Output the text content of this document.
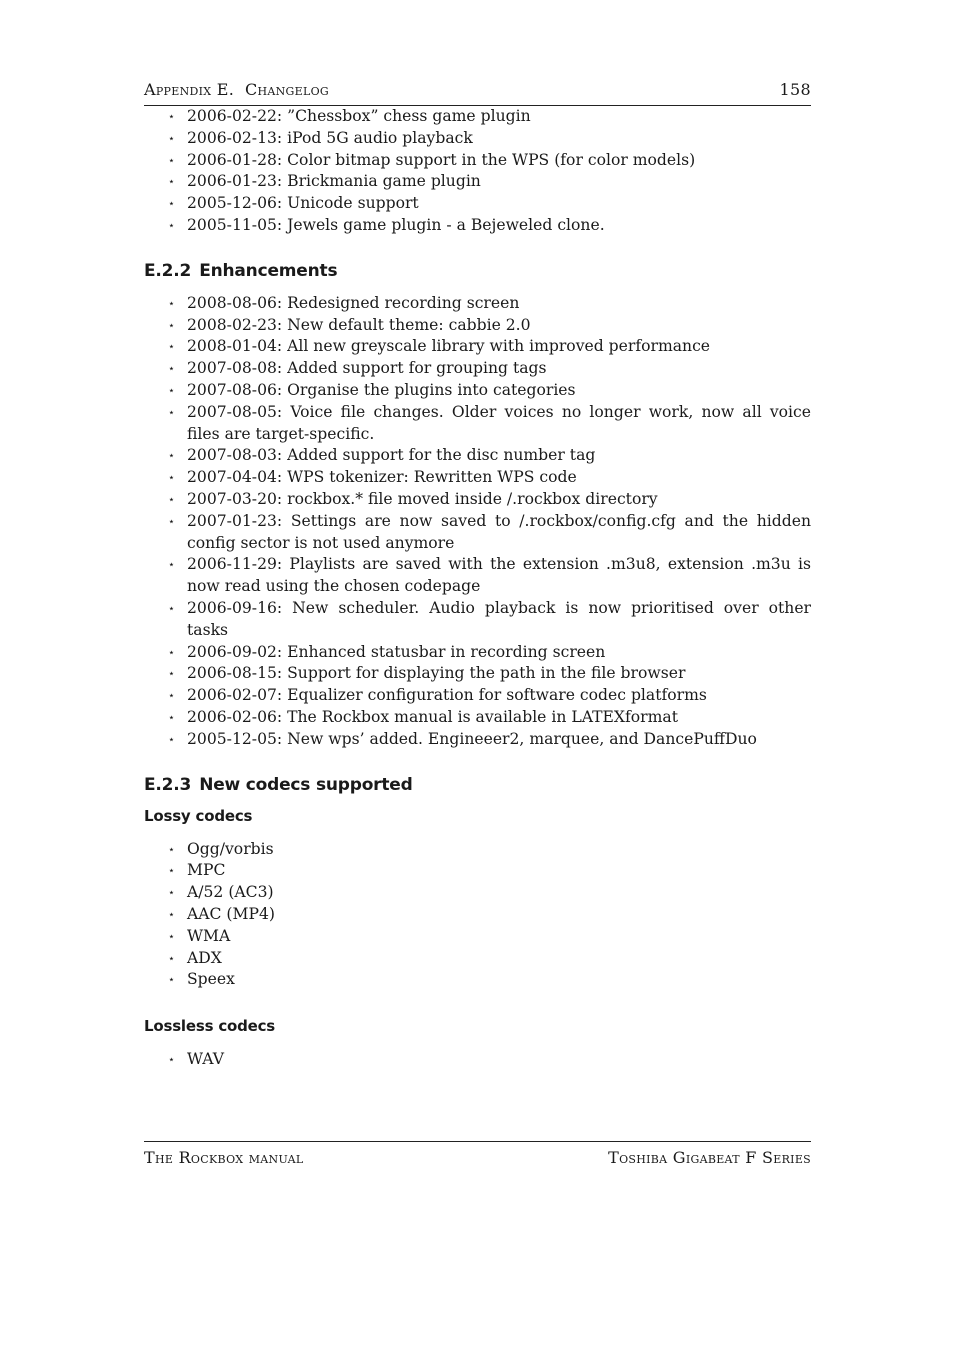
Appendix E. Changelog	158
⋆ 2006-02-22: ”Chessbox” chess game plugin
⋆ 2006-02-13: iPod 5G audio playback
⋆ 2006-01-28: Color bitmap support in the WPS (for color models)
⋆ 2006-01-23: Brickmania game plugin
⋆ 2005-12-06: Unicode support
⋆ 2005-11-05: Jewels game plugin - a Bejeweled clone.
E.2.2 Enhancements
⋆ 2008-08-06: Redesigned recording screen
⋆ 2008-02-23: New default theme: cabbie 2.0
⋆ 2008-01-04: All new greyscale library with improved performance
⋆ 2007-08-08: Added support for grouping tags
⋆ 2007-08-06: Organise the plugins into categories
⋆ 2007-08-05: Voice file changes. Older voices no longer work, now all voice files are target-specific.
⋆ 2007-08-03: Added support for the disc number tag
⋆ 2007-04-04: WPS tokenizer: Rewritten WPS code
⋆ 2007-03-20: rockbox.* file moved inside /.rockbox directory
⋆ 2007-01-23: Settings are now saved to /.rockbox/config.cfg and the hidden config sector is not used anymore
⋆ 2006-11-29: Playlists are saved with the extension .m3u8, extension .m3u is now read using the chosen codepage
⋆ 2006-09-16: New scheduler. Audio playback is now prioritised over other tasks
⋆ 2006-09-02: Enhanced statusbar in recording screen
⋆ 2006-08-15: Support for displaying the path in the file browser
⋆ 2006-02-07: Equalizer configuration for software codec platforms
⋆ 2006-02-06: The Rockbox manual is available in LATEXformat
⋆ 2005-12-05: New wps’ added. Engineeer2, marquee, and DancePuffDuo
E.2.3 New codecs supported
Lossy codecs
⋆ Ogg/vorbis
⋆ MPC
⋆ A/52 (AC3)
⋆ AAC (MP4)
⋆ WMA
⋆ ADX
⋆ Speex
Lossless codecs
⋆ WAV
The Rockbox manual	Toshiba Gigabeat F Series
